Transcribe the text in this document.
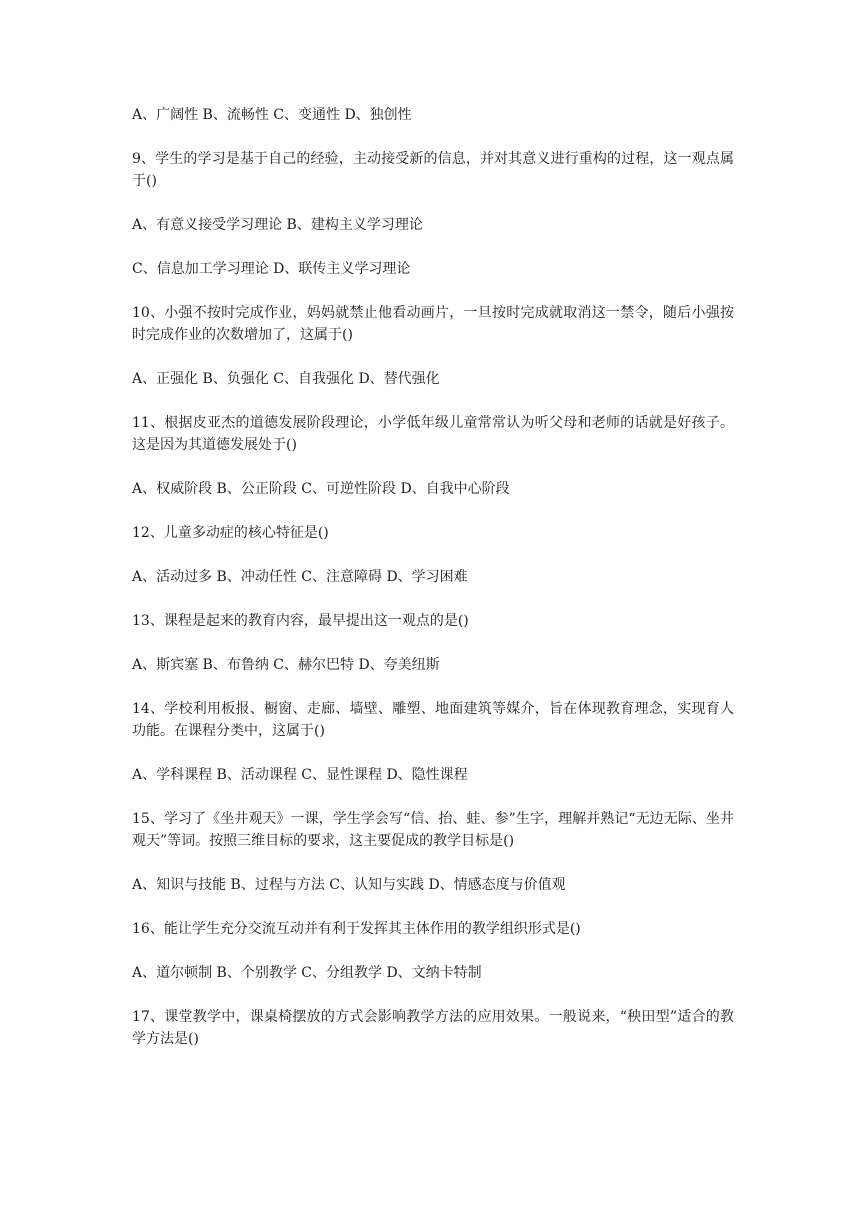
A、广阔性 B、流畅性 C、变通性 D、独创性

9、学生的学习是基于自己的经验，主动接受新的信息，并对其意义进行重构的过程，这一观点属于()

A、有意义接受学习理论 B、建构主义学习理论

C、信息加工学习理论 D、联传主义学习理论

10、小强不按时完成作业，妈妈就禁止他看动画片，一旦按时完成就取消这一禁令，随后小强按时完成作业的次数增加了，这属于()

A、正强化 B、负强化 C、自我强化 D、替代强化

11、根据皮亚杰的道德发展阶段理论，小学低年级儿童常常认为听父母和老师的话就是好孩子。这是因为其道德发展处于()

A、权威阶段 B、公正阶段 C、可逆性阶段 D、自我中心阶段

12、儿童多动症的核心特征是()

A、活动过多 B、冲动任性 C、注意障碍 D、学习困难

13、课程是起来的教育内容，最早提出这一观点的是()

A、斯宾塞 B、布鲁纳 C、赫尔巴特 D、夸美纽斯

14、学校利用板报、橱窗、走廊、墙壁、雕塑、地面建筑等媒介，旨在体现教育理念，实现育人功能。在课程分类中，这属于()

A、学科课程 B、活动课程 C、显性课程 D、隐性课程

15、学习了《坐井观天》一课，学生学会写“信、抬、蛙、参”生字，理解并熟记“无边无际、坐井观天”等词。按照三维目标的要求，这主要促成的教学目标是()

A、知识与技能 B、过程与方法 C、认知与实践 D、情感态度与价值观

16、能让学生充分交流互动并有利于发挥其主体作用的教学组织形式是()

A、道尔顿制 B、个别教学 C、分组教学 D、文纳卡特制

17、课堂教学中，课桌椅摆放的方式会影响教学方法的应用效果。一般说来，“秧田型”适合的教学方法是()
